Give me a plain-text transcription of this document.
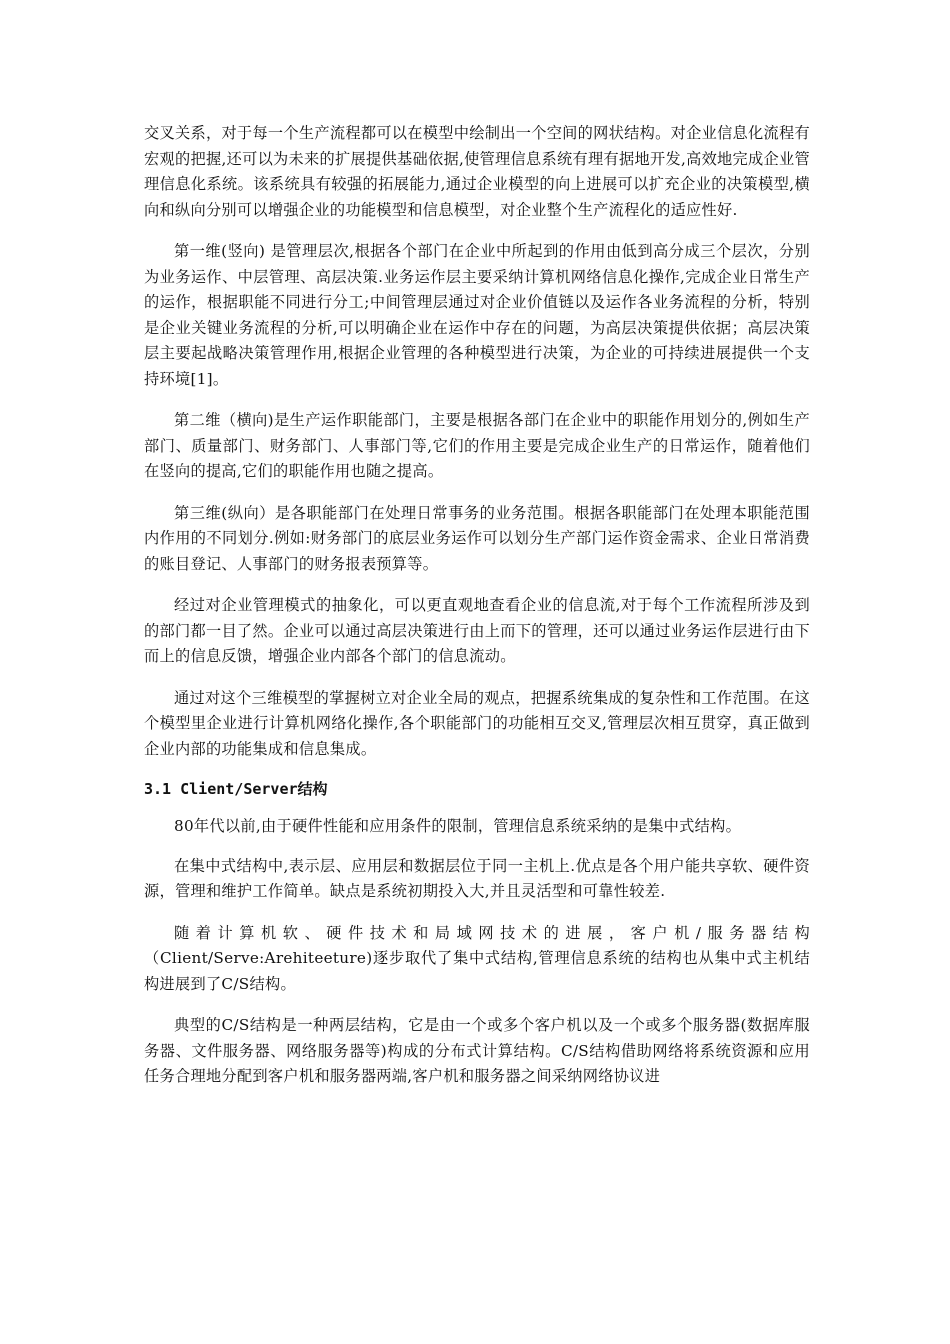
交叉关系，对于每一个生产流程都可以在模型中绘制出一个空间的网状结构。对企业信息化流程有宏观的把握,还可以为未来的扩展提供基础依据,使管理信息系统有理有据地开发,高效地完成企业管理信息化系统。该系统具有较强的拓展能力,通过企业模型的向上进展可以扩充企业的决策模型,横向和纵向分别可以增强企业的功能模型和信息模型，对企业整个生产流程化的适应性好.

第一维(竖向) 是管理层次,根据各个部门在企业中所起到的作用由低到高分成三个层次，分别为业务运作、中层管理、高层决策.业务运作层主要采纳计算机网络信息化操作,完成企业日常生产的运作，根据职能不同进行分工;中间管理层通过对企业价值链以及运作各业务流程的分析，特别是企业关键业务流程的分析,可以明确企业在运作中存在的问题，为高层决策提供依据；高层决策层主要起战略决策管理作用,根据企业管理的各种模型进行决策，为企业的可持续进展提供一个支持环境[1]。

第二维（横向)是生产运作职能部门，主要是根据各部门在企业中的职能作用划分的,例如生产部门、质量部门、财务部门、人事部门等,它们的作用主要是完成企业生产的日常运作，随着他们在竖向的提高,它们的职能作用也随之提高。

第三维(纵向）是各职能部门在处理日常事务的业务范围。根据各职能部门在处理本职能范围内作用的不同划分.例如:财务部门的底层业务运作可以划分生产部门运作资金需求、企业日常消费的账目登记、人事部门的财务报表预算等。

经过对企业管理模式的抽象化，可以更直观地查看企业的信息流,对于每个工作流程所涉及到的部门都一目了然。企业可以通过高层决策进行由上而下的管理，还可以通过业务运作层进行由下而上的信息反馈，增强企业内部各个部门的信息流动。

通过对这个三维模型的掌握树立对企业全局的观点，把握系统集成的复杂性和工作范围。在这个模型里企业进行计算机网络化操作,各个职能部门的功能相互交叉,管理层次相互贯穿，真正做到企业内部的功能集成和信息集成。

3.1 Client/Server结构

80年代以前,由于硬件性能和应用条件的限制，管理信息系统采纳的是集中式结构。

在集中式结构中,表示层、应用层和数据层位于同一主机上.优点是各个用户能共享软、硬件资源，管理和维护工作简单。缺点是系统初期投入大,并且灵活型和可靠性较差.

随着计算机软、硬件技术和局域网技术的进展，客户机/服务器结构（Client/Serve:Arehiteeture)逐步取代了集中式结构,管理信息系统的结构也从集中式主机结构进展到了C/S结构。

典型的C/S结构是一种两层结构，它是由一个或多个客户机以及一个或多个服务器(数据库服务器、文件服务器、网络服务器等)构成的分布式计算结构。C/S结构借助网络将系统资源和应用任务合理地分配到客户机和服务器两端,客户机和服务器之间采纳网络协议进
